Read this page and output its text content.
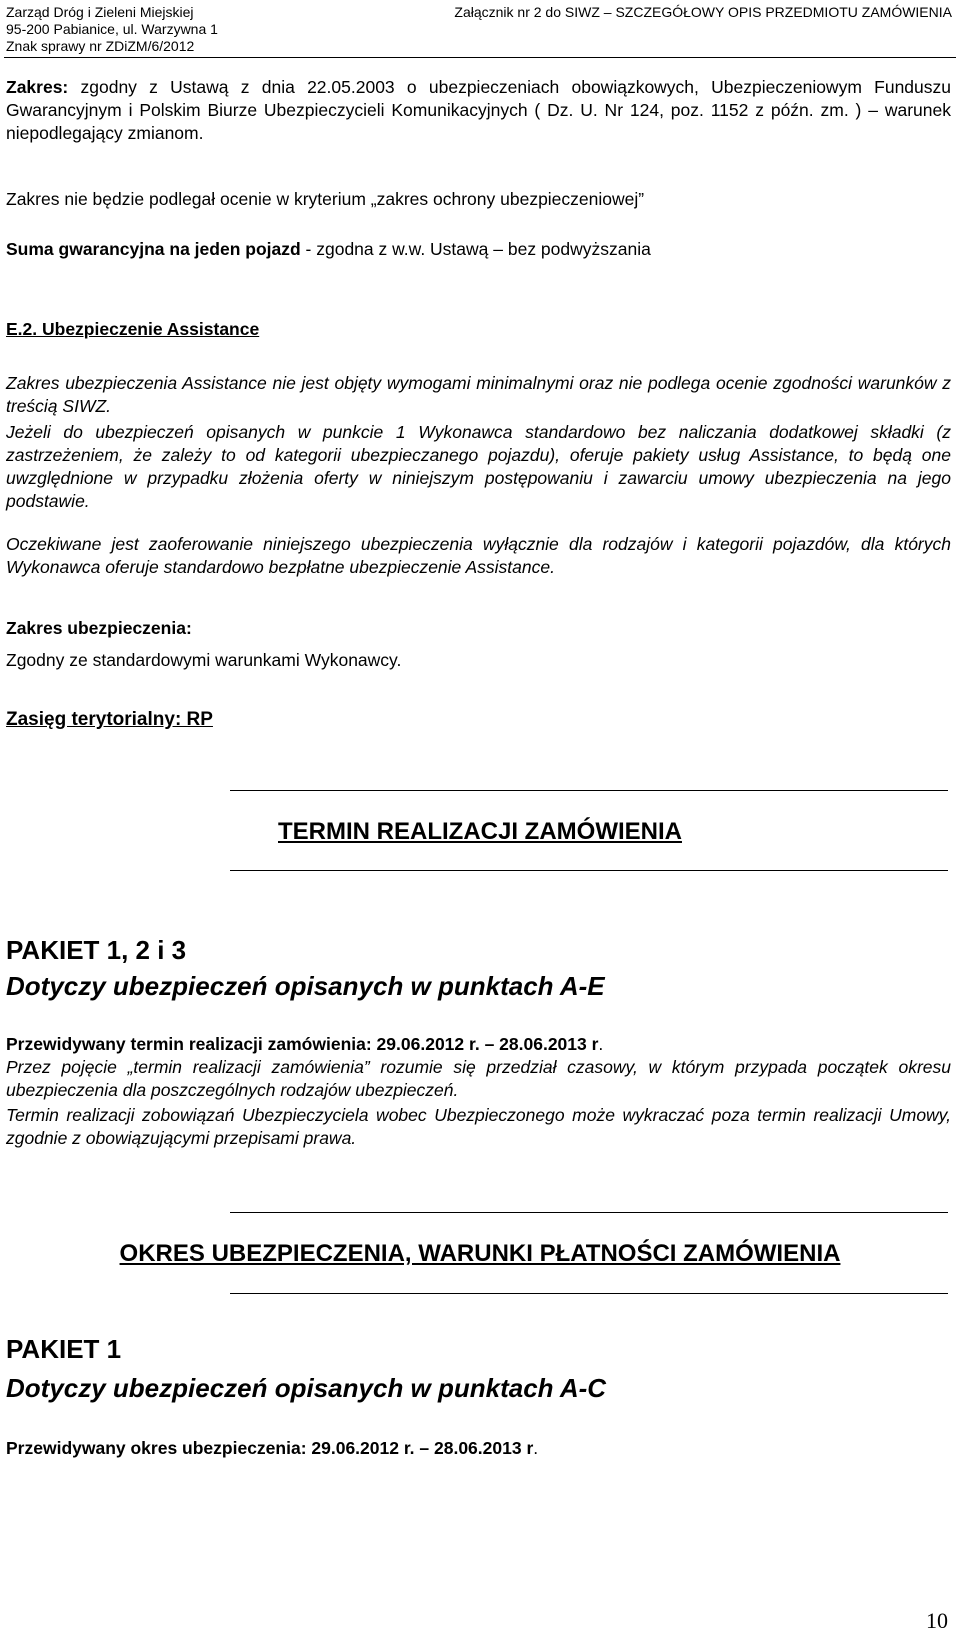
Zarząd Dróg i Zieleni Miejskiej
95-200 Pabianice, ul. Warzywna 1
Znak sprawy nr ZDiZM/6/2012
Załącznik nr 2 do SIWZ – SZCZEGÓŁOWY OPIS PRZEDMIOTU ZAMÓWIENIA
Zakres: zgodny z Ustawą z dnia 22.05.2003 o ubezpieczeniach obowiązkowych, Ubezpieczeniowym Funduszu Gwarancyjnym i Polskim Biurze Ubezpieczycieli Komunikacyjnych ( Dz. U. Nr 124, poz. 1152 z późn. zm. ) – warunek niepodlegający zmianom.
Zakres nie będzie podlegał ocenie w kryterium „zakres ochrony ubezpieczeniowej”
Suma gwarancyjna na jeden pojazd - zgodna z w.w. Ustawą – bez podwyższania
E.2. Ubezpieczenie Assistance
Zakres ubezpieczenia Assistance nie jest objęty wymogami minimalnymi oraz nie podlega ocenie zgodności warunków z treścią SIWZ.
Jeżeli do ubezpieczeń opisanych w punkcie 1 Wykonawca standardowo bez naliczania dodatkowej składki (z zastrzeżeniem, że zależy to od kategorii ubezpieczanego pojazdu), oferuje pakiety usług Assistance, to będą one uwzględnione w przypadku złożenia oferty w niniejszym postępowaniu i zawarciu umowy ubezpieczenia na jego podstawie.
Oczekiwane jest zaoferowanie niniejszego ubezpieczenia wyłącznie dla rodzajów i kategorii pojazdów, dla których Wykonawca oferuje standardowo bezpłatne ubezpieczenie Assistance.
Zakres ubezpieczenia:
Zgodny ze standardowymi warunkami Wykonawcy.
Zasięg terytorialny: RP
TERMIN REALIZACJI ZAMÓWIENIA
PAKIET 1, 2 i 3
Dotyczy ubezpieczeń opisanych w punktach A-E
Przewidywany termin realizacji zamówienia: 29.06.2012 r. – 28.06.2013 r.
Przez pojęcie „termin realizacji zamówienia” rozumie się przedział czasowy, w którym przypada początek okresu ubezpieczenia dla poszczególnych rodzajów ubezpieczeń.
Termin realizacji zobowiązań Ubezpieczyciela wobec Ubezpieczonego może wykraczać poza termin realizacji Umowy, zgodnie z obowiązującymi przepisami prawa.
OKRES UBEZPIECZENIA, WARUNKI PŁATNOŚCI ZAMÓWIENIA
PAKIET 1
Dotyczy ubezpieczeń opisanych w punktach A-C
Przewidywany okres ubezpieczenia: 29.06.2012 r. – 28.06.2013 r.
10
